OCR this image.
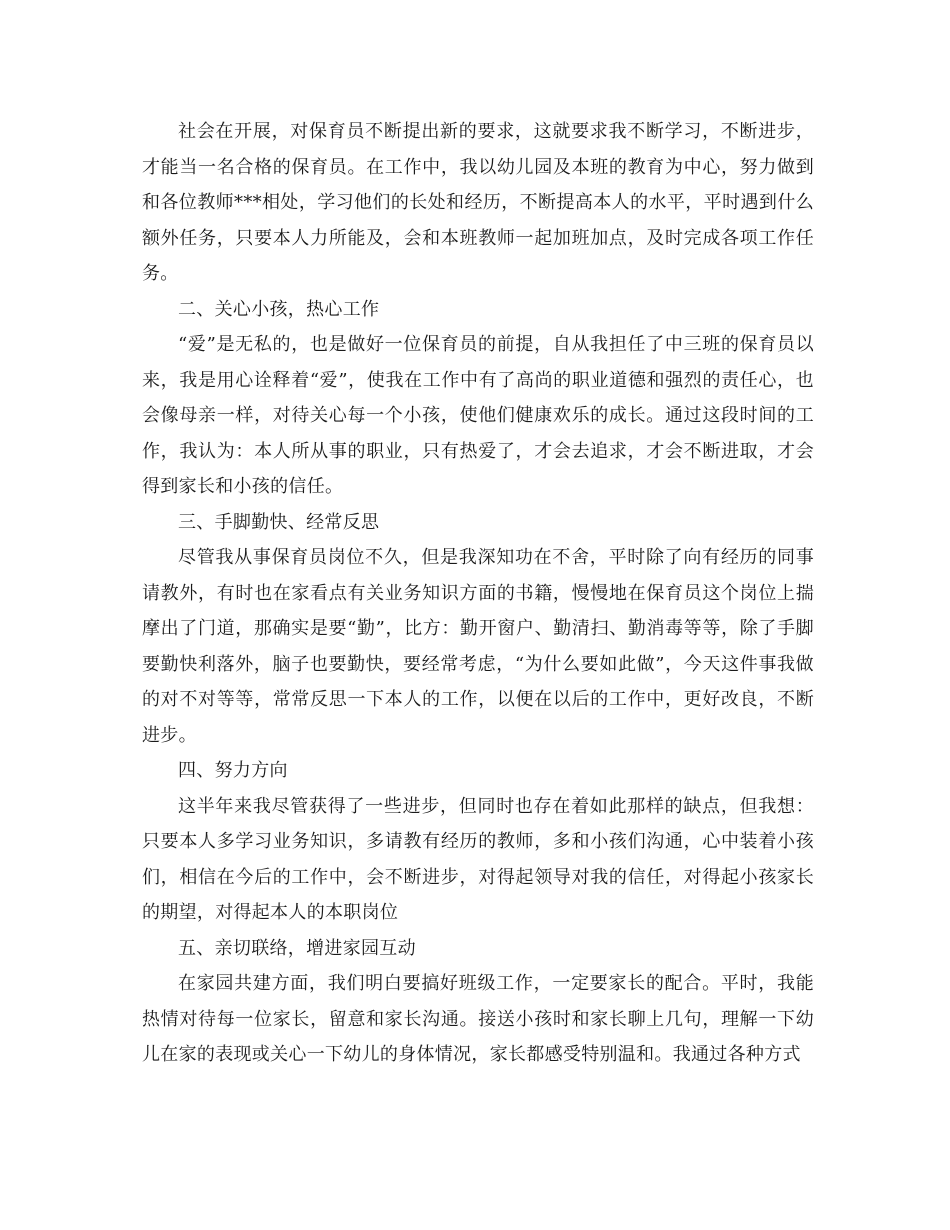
社会在开展，对保育员不断提出新的要求，这就要求我不断学习，不断进步，才能当一名合格的保育员。在工作中，我以幼儿园及本班的教育为中心，努力做到和各位教师***相处，学习他们的长处和经历，不断提高本人的水平，平时遇到什么额外任务，只要本人力所能及，会和本班教师一起加班加点，及时完成各项工作任务。

二、关心小孩，热心工作

“爱”是无私的，也是做好一位保育员的前提，自从我担任了中三班的保育员以来，我是用心诠释着“爱”，使我在工作中有了高尚的职业道德和强烈的责任心，也会像母亲一样，对待关心每一个小孩，使他们健康欢乐的成长。通过这段时间的工作，我认为：本人所从事的职业，只有热爱了，才会去追求，才会不断进取，才会得到家长和小孩的信任。

三、手脚勤快、经常反思

尽管我从事保育员岗位不久，但是我深知功在不舍，平时除了向有经历的同事请教外，有时也在家看点有关业务知识方面的书籍，慢慢地在保育员这个岗位上揣摩出了门道，那确实是要“勤”，比方：勤开窗户、勤清扫、勤消毒等等，除了手脚要勤快利落外，脑子也要勤快，要经常考虑，“为什么要如此做”，今天这件事我做的对不对等等，常常反思一下本人的工作，以便在以后的工作中，更好改良，不断进步。

四、努力方向

这半年来我尽管获得了一些进步，但同时也存在着如此那样的缺点，但我想：只要本人多学习业务知识，多请教有经历的教师，多和小孩们沟通，心中装着小孩们，相信在今后的工作中，会不断进步，对得起领导对我的信任，对得起小孩家长的期望，对得起本人的本职岗位

五、亲切联络，增进家园互动

在家园共建方面，我们明白要搞好班级工作，一定要家长的配合。平时，我能热情对待每一位家长，留意和家长沟通。接送小孩时和家长聊上几句，理解一下幼儿在家的表现或关心一下幼儿的身体情况，家长都感受特别温和。我通过各种方式
